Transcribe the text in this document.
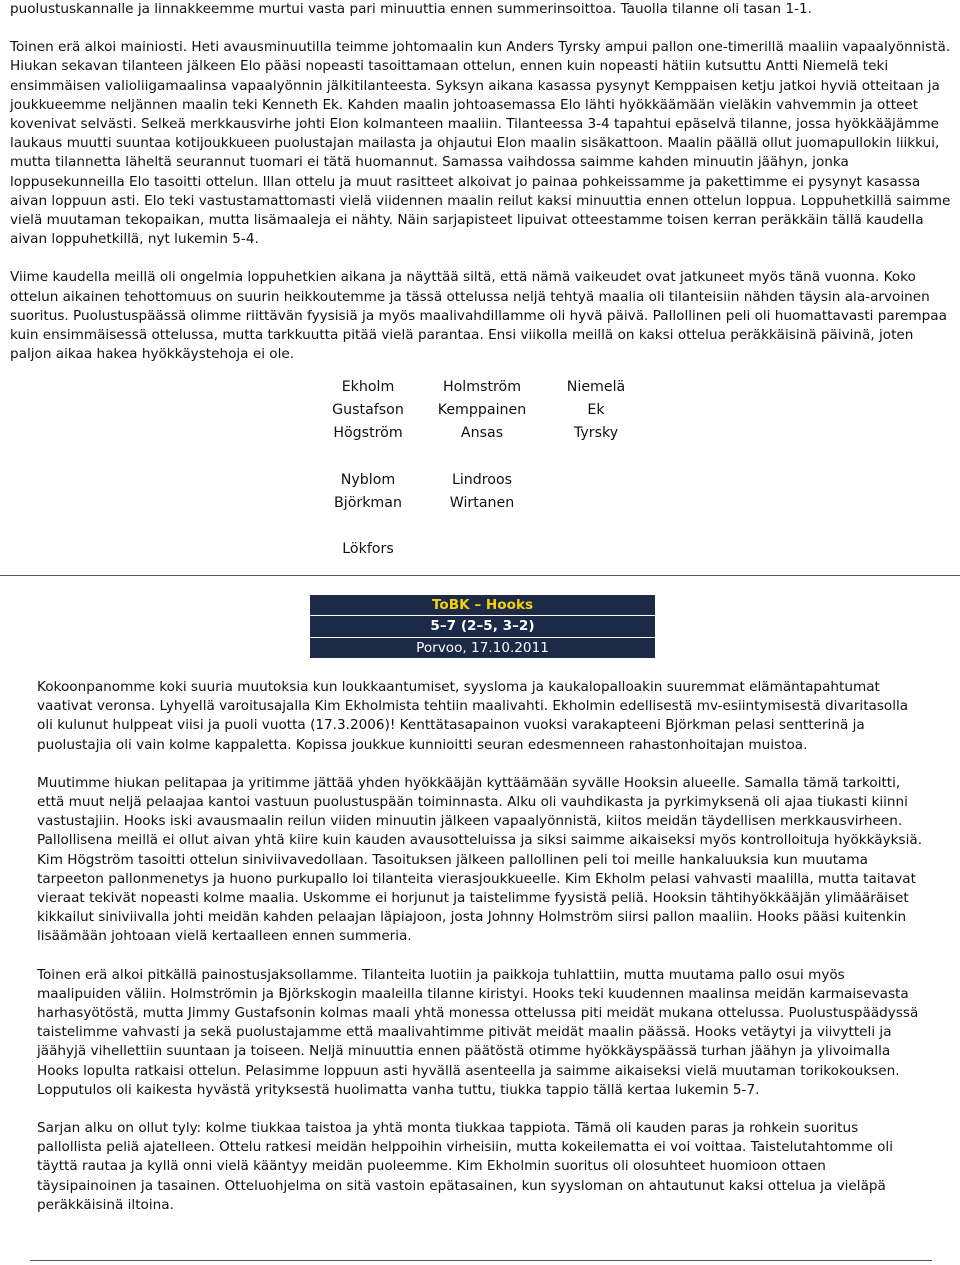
puolustuskannalle ja linnakkeemme murtui vasta pari minuuttia ennen summerinsoittoa. Tauolla tilanne oli tasan 1-1.

Toinen erä alkoi mainiosti. Heti avausminuutilla teimme johtomaalin kun Anders Tyrsky ampui pallon one-timerillä maaliin vapaalyönnistä. Hiukan sekavan tilanteen jälkeen Elo pääsi nopeasti tasoittamaan ottelun, ennen kuin nopeasti hätiin kutsuttu Antti Niemelä teki ensimmäisen valioliigamaalinsa vapaalyönnin jälkitilanteesta. Syksyn aikana kasassa pysynyt Kemppaisen ketju jatkoi hyviä otteitaan ja joukkueemme neljännen maalin teki Kenneth Ek. Kahden maalin johtoasemassa Elo lähti hyökkäämään vieläkin vahvemmin ja otteet kovenivat selvästi. Selkeä merkkausvirhe johti Elon kolmanteen maaliin. Tilanteessa 3-4 tapahtui epäselvä tilanne, jossa hyökkääjämme laukaus muutti suuntaa kotijoukkueen puolustajan mailasta ja ohjautui Elon maalin sisäkattoon. Maalin päällä ollut juomapullokin liikkui, mutta tilannetta läheltä seurannut tuomari ei tätä huomannut. Samassa vaihdossa saimme kahden minuutin jäähyn, jonka loppusekunneilla Elo tasoitti ottelun. Illan ottelu ja muut rasitteet alkoivat jo painaa pohkeissamme ja pakettimme ei pysynyt kasassa aivan loppuun asti. Elo teki vastustamattomasti vielä viidennen maalin reilut kaksi minuuttia ennen ottelun loppua. Loppuhetkillä saimme vielä muutaman tekopaikan, mutta lisämaaleja ei nähty. Näin sarjapisteet lipuivat otteestamme toisen kerran peräkkäin tällä kaudella aivan loppuhetkillä, nyt lukemin 5-4.

Viime kaudella meillä oli ongelmia loppuhetkien aikana ja näyttää siltä, että nämä vaikeudet ovat jatkuneet myös tänä vuonna. Koko ottelun aikainen tehottomuus on suurin heikkoutemme ja tässä ottelussa neljä tehtyä maalia oli tilanteisiin nähden täysin ala-arvoinen suoritus. Puolustuspäässä olimme riittävän fyysisiä ja myös maalivahdillamme oli hyvä päivä. Pallollinen peli oli huomattavasti parempaa kuin ensimmäisessä ottelussa, mutta tarkkuutta pitää vielä parantaa. Ensi viikolla meillä on kaksi ottelua peräkkäisinä päivinä, joten paljon aikaa hakea hyökkäystehoja ei ole.

Ekholm	Holmström	Niemelä
Gustafson	Kemppainen	Ek
Högström	Ansas	Tyrsky
Nyblom	Lindroos
Björkman	Wirtanen
Lökfors
ToBK – Hooks
5–7 (2–5, 3–2)
Porvoo, 17.10.2011

Kokoonpanomme koki suuria muutoksia kun loukkaantumiset, syysloma ja kaukalopalloakin suuremmat elämäntapahtumat vaativat veronsa. Lyhyellä varoitusajalla Kim Ekholmista tehtiin maalivahti. Ekholmin edellisestä mv-esiintymisestä divaritasolla oli kulunut hulppeat viisi ja puoli vuotta (17.3.2006)! Kenttätasapainon vuoksi varakapteeni Björkman pelasi sentterinä ja puolustajia oli vain kolme kappaletta. Kopissa joukkue kunnioitti seuran edesmenneen rahastonhoitajan muistoa.

Muutimme hiukan pelitapaa ja yritimme jättää yhden hyökkääjän kyttäämään syvälle Hooksin alueelle. Samalla tämä tarkoitti, että muut neljä pelaajaa kantoi vastuun puolustuspään toiminnasta. Alku oli vauhdikasta ja pyrkimyksenä oli ajaa tiukasti kiinni vastustajiin. Hooks iski avausmaalin reilun viiden minuutin jälkeen vapaalyönnistä, kiitos meidän täydellisen merkkausvirheen. Pallollisena meillä ei ollut aivan yhtä kiire kuin kauden avausotteluissa ja siksi saimme aikaiseksi myös kontrolloituja hyökkäyksiä. Kim Högström tasoitti ottelun siniviivavedollaan. Tasoituksen jälkeen pallollinen peli toi meille hankaluuksia kun muutama tarpeeton pallonmenetys ja huono purkupallo loi tilanteita vierasjoukkueelle. Kim Ekholm pelasi vahvasti maalilla, mutta taitavat vieraat tekivät nopeasti kolme maalia. Uskomme ei horjunut ja taistelimme fyysistä peliä. Hooksin tähtihyökkääjän ylimääräiset kikkailut siniviivalla johti meidän kahden pelaajan läpiajoon, josta Johnny Holmström siirsi pallon maaliin. Hooks pääsi kuitenkin lisäämään johtoaan vielä kertaalleen ennen summeria.

Toinen erä alkoi pitkällä painostusjaksollamme. Tilanteita luotiin ja paikkoja tuhlattiin, mutta muutama pallo osui myös maalipuiden väliin. Holmströmin ja Björkskogin maaleilla tilanne kiristyi. Hooks teki kuudennen maalinsa meidän karmaisevasta harhasyötöstä, mutta Jimmy Gustafsonin kolmas maali yhtä monessa ottelussa piti meidät mukana ottelussa. Puolustuspäädyssä taistelimme vahvasti ja sekä puolustajamme että maalivahtimme pitivät meidät maalin päässä. Hooks vetäytyi ja viivytteli ja jäähyjä vihellettiin suuntaan ja toiseen. Neljä minuuttia ennen päätöstä otimme hyökkäyspäässä turhan jäähyn ja ylivoimalla Hooks lopulta ratkaisi ottelun. Pelasimme loppuun asti hyvällä asenteella ja saimme aikaiseksi vielä muutaman torikokouksen. Lopputulos oli kaikesta hyvästä yrityksestä huolimatta vanha tuttu, tiukka tappio tällä kertaa lukemin 5-7.

Sarjan alku on ollut tyly: kolme tiukkaa taistoa ja yhtä monta tiukkaa tappiota. Tämä oli kauden paras ja rohkein suoritus pallollista peliä ajatelleen. Ottelu ratkesi meidän helppoihin virheisiin, mutta kokeilematta ei voi voittaa. Taistelutahtomme oli täyttä rautaa ja kyllä onni vielä kääntyy meidän puoleemme. Kim Ekholmin suoritus oli olosuhteet huomioon ottaen täysipainoinen ja tasainen. Otteluohjelma on sitä vastoin epätasainen, kun syysloman on ahtautunut kaksi ottelua ja vieläpä peräkkäisinä iltoina.
